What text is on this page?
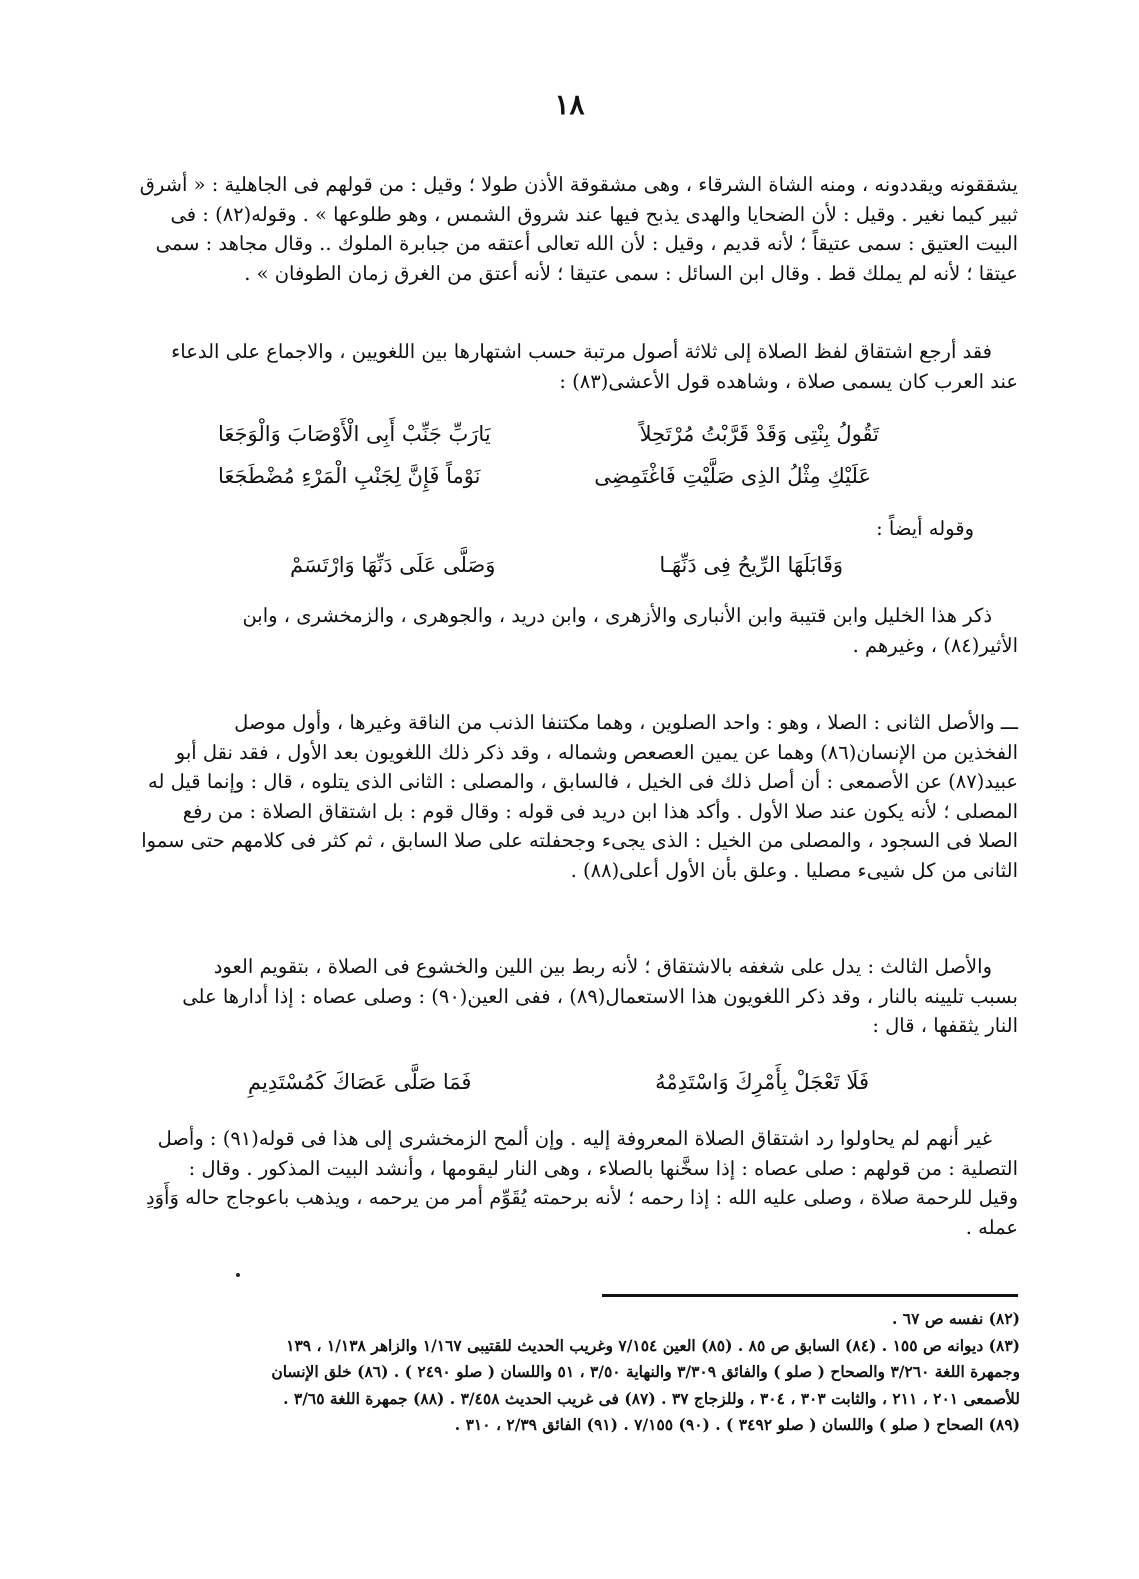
١٨

يشققونه ويقددونه ، ومنه الشاة الشرقاء ، وهى مشقوقة الأذن طولا ؛ وقيل : من قولهم فى الجاهلية : « أشرق
ثبير كيما نغير . وقيل : لأن الضحايا والهدى يذبح فيها عند شروق الشمس ، وهو طلوعها » . وقوله(٨٢) : فى
البيت العتيق : سمى عتيقاً ؛ لأنه قديم ، وقيل : لأن الله تعالى أعتقه من جبابرة الملوك .. وقال مجاهد : سمى
عيتقا ؛ لأنه لم يملك قط . وقال ابن السائل : سمى عتيقا ؛ لأنه أعتق من الغرق زمان الطوفان » .

فقد أرجع اشتقاق لفظ الصلاة إلى ثلاثة أصول مرتبة حسب اشتهارها بين اللغويين ، والاجماع على الدعاء
عند العرب كان يسمى صلاة ، وشاهده قول الأعشى(٨٣) :

تَقُولُ بِنْتِى وَقَدْ قَرَّبْتُ مُرْتَحِلاً
يَارَبِّ جَنِّبْ أَبِى الْأَوْصَابَ وَالْوَجَعَا
عَلَيْكِ مِثْلُ الذِى صَلَّيْتِ فَاغْتَمِضِى
نَوْماً فَإِنَّ لِجَنْبِ الْمَرْءِ مُضْطَجَعَا

وقوله أيضاً :

وَقَابَلَهَا الرِّيحُ فِى دَنِّهَـا
وَصَلَّى عَلَى دَنِّهَا وَارْتَسَمْ

ذكر هذا الخليل وابن قتيبة وابن الأنبارى والأزهرى ، وابن دريد ، والجوهرى ، والزمخشرى ، وابن
الأثير(٨٤) ، وغيرهم .

ـــ والأصل الثانى : الصلا ، وهو : واحد الصلوين ، وهما مكتنفا الذنب من الناقة وغيرها ، وأول موصل
الفخذين من الإنسان(٨٦) وهما عن يمين العصعص وشماله ، وقد ذكر ذلك اللغويون بعد الأول ، فقد نقل أبو
عبيد(٨٧) عن الأصمعى : أن أصل ذلك فى الخيل ، فالسابق ، والمصلى : الثانى الذى يتلوه ، قال : وإنما قيل له
المصلى ؛ لأنه يكون عند صلا الأول . وأكد هذا ابن دريد فى قوله : وقال قوم : بل اشتقاق الصلاة : من رفع
الصلا فى السجود ، والمصلى من الخيل : الذى يجىء وجحفلته على صلا السابق ، ثم كثر فى كلامهم حتى سموا
الثانى من كل شيىء مصليا . وعلق بأن الأول أعلى(٨٨) .

والأصل الثالث : يدل على شغفه بالاشتقاق ؛ لأنه ربط بين اللين والخشوع فى الصلاة ، بتقويم العود
بسبب تليينه بالنار ، وقد ذكر اللغويون هذا الاستعمال(٨٩) ، ففى العين(٩٠) : وصلى عصاه : إذا أدارها على
النار يثقفها ، قال :

فَلَا تَعْجَلْ بِأَمْرِكَ وَاسْتَدِمْهُ
فَمَا صَلَّى عَصَاكَ كَمُسْتَدِيمِ

غير أنهم لم يحاولوا رد اشتقاق الصلاة المعروفة إليه . وإن ألمح الزمخشرى إلى هذا فى قوله(٩١) : وأصل
التصلية : من قولهم : صلى عصاه : إذا سخَّنها بالصلاء ، وهى النار ليقومها ، وأنشد البيت المذكور . وقال :
وقيل للرحمة صلاة ، وصلى عليه الله : إذا رحمه ؛ لأنه برحمته يُقَوِّم أمر من يرحمه ، ويذهب باعوجاج حاله وَأَوَدِ
عمله .

(٨٢) نفسه ص ٦٧ .
(٨٣) ديوانه ص ١٥٥ . (٨٤) السابق ص ٨٥ . (٨٥) العين ٧/١٥٤ وغريب الحديث للقتيبى ١/١٦٧ والزاهر ١/١٣٨ ، ١٣٩
وجمهرة اللغة ٣/٢٦٠ والصحاح ( صلو ) والفائق ٣/٣٠٩ والنهاية ٣/٥٠ ، ٥١ واللسان ( صلو ٢٤٩٠ ) . (٨٦) خلق الإنسان
للأصمعى ٢٠١ ، ٢١١ ، والثابت ٣٠٣ ، ٣٠٤ ، وللزجاج ٣٧ . (٨٧) فى غريب الحديث ٣/٤٥٨ . (٨٨) جمهرة اللغة ٣/٦٥ .
(٨٩) الصحاح ( صلو ) واللسان ( صلو ٣٤٩٢ ) . (٩٠) ٧/١٥٥ . (٩١) الفائق ٢/٣٩ ، ٣١٠ .
